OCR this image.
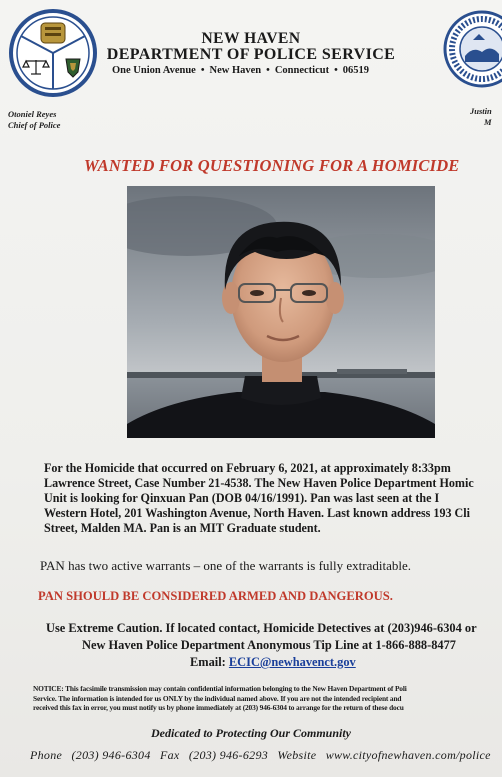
NEW HAVEN
DEPARTMENT OF POLICE SERVICE
One Union Avenue • New Haven • Connecticut • 06519
Otoniel Reyes
Chief of Police
Justin
M
WANTED FOR QUESTIONING FOR A HOMICIDE
For the Homicide that occurred on February 6, 2021, at approximately 8:33pm
Lawrence Street, Case Number 21-4538. The New Haven Police Department Homic
Unit is looking for Qinxuan Pan (DOB 04/16/1991). Pan was last seen at the I
Western Hotel, 201 Washington Avenue, North Haven. Last known address 193 Cli
Street, Malden MA. Pan is an MIT Graduate student.
PAN has two active warrants – one of the warrants is fully extraditable.
PAN SHOULD BE CONSIDERED ARMED AND DANGEROUS.
Use Extreme Caution. If located contact, Homicide Detectives at (203)946-6304 or
New Haven Police Department Anonymous Tip Line at 1-866-888-8477
Email: ECIC@newhavenct.gov
NOTICE: This facsimile transmission may contain confidential information belonging to the New Haven Department of Poli
Service. The information is intended for us ONLY by the individual named above. If you are not the intended recipient and
received this fax in error, you must notify us by phone immediately at (203) 946-6304 to arrange for the return of these docu
Dedicated to Protecting Our Community
Phone (203) 946-6304 Fax (203) 946-6293 Website www.cityofnewhaven.com/police
